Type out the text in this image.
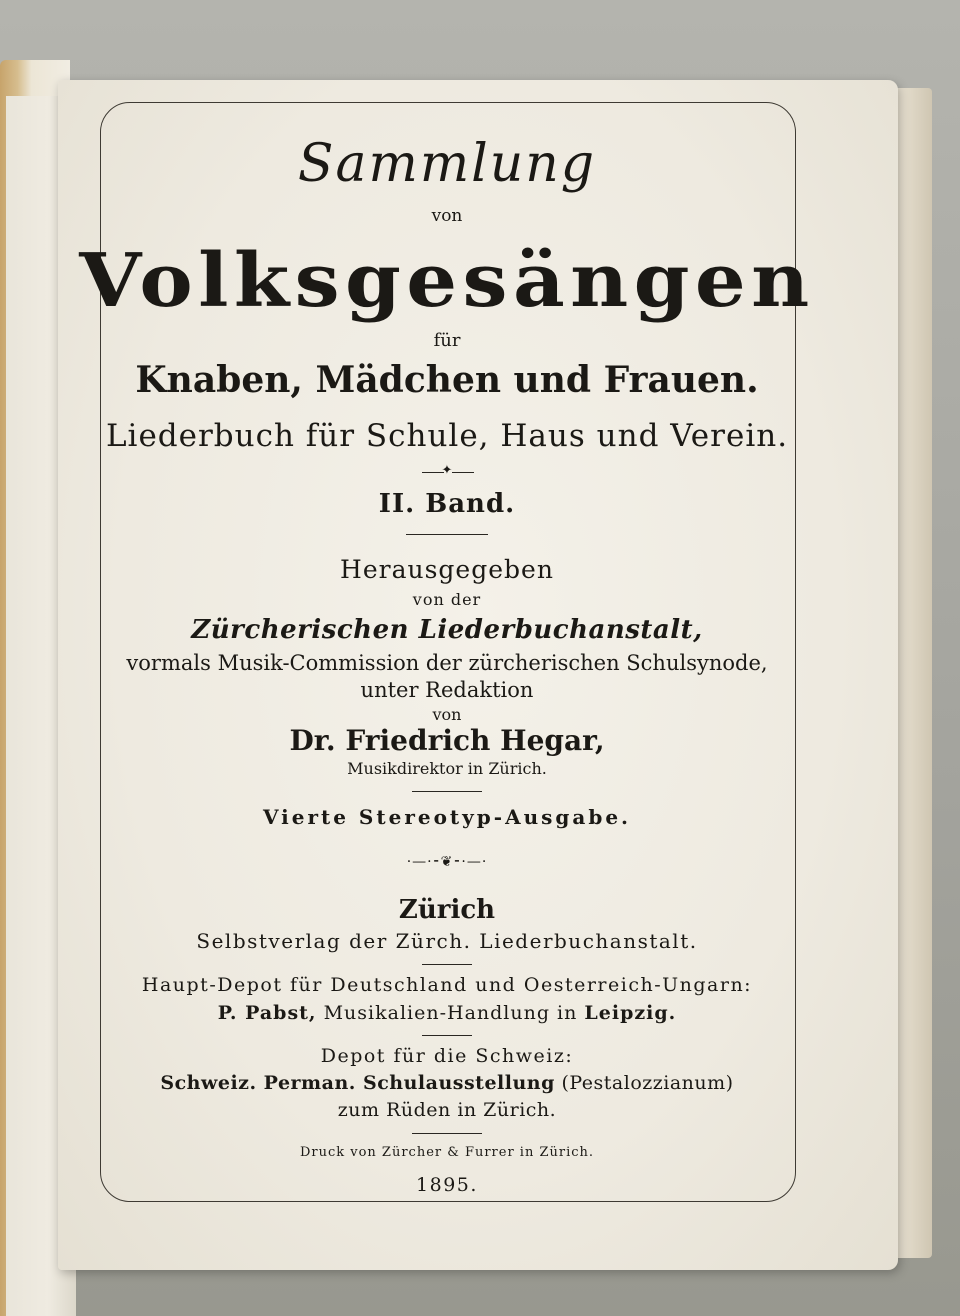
Sammlung
von
Volksgesängen
für
Knaben, Mädchen und Frauen.
Liederbuch für Schule, Haus und Verein.
✦
II. Band.
Herausgegeben
von der
Zürcherischen Liederbuchanstalt,
vormals Musik-Commission der zürcherischen Schulsynode,
unter Redaktion
von
Dr. Friedrich Hegar,
Musikdirektor in Zürich.
Vierte Stereotyp-Ausgabe.
·—·⁃❦⁃·—·
Zürich
Selbstverlag der Zürch. Liederbuchanstalt.
Haupt-Depot für Deutschland und Oesterreich-Ungarn:
P. Pabst, Musikalien-Handlung in Leipzig.
Depot für die Schweiz:
Schweiz. Perman. Schulausstellung (Pestalozzianum)
zum Rüden in Zürich.
Druck von Zürcher & Furrer in Zürich.
1895.
